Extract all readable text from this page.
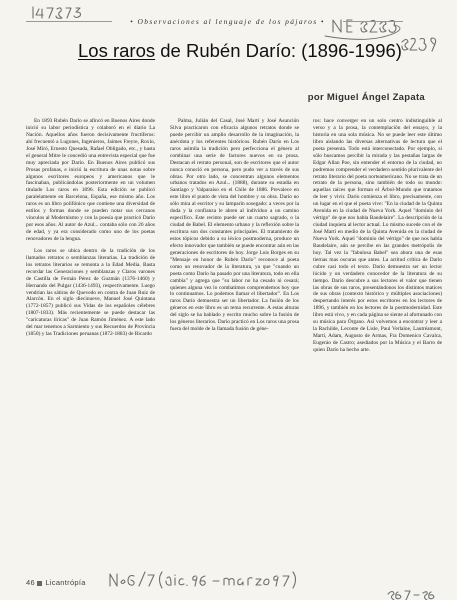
• Observaciones al lenguaje de los pájaros •
Los raros de Rubén Darío: (1896-1996)
por Miguel Ángel Zapata

En 1893 Rubén Darío se afincó en Buenos Aires donde inició su labor periodística y colaboró en el diario La Nación. Aquellos años fueron decisivamente fructíferos: ahí frecuentó a Lugones, Ingenieros, Jaimes Freyre, Roxlo, José Miró, Ernesto Quesada, Rafael Obligado, etc., y hasta el general Mitre le concedió una entrevista especial que fue muy apreciada por Darío. En Buenos Aires publicó sus Prosas profanas, e inició la escritura de unas notas sobre algunos escritores europeos y americanos que le fascinaban, publicándolas posteriormente en un volumen titulado Los raros en 1896. Esta edición se publicó paralelamente en Barcelona, España, ese mismo año. Los raros es un libro polifónico que contiene una diversidad de estilos y formas donde se pueden notar sus cercanos vínculos al Modernismo y con la poesía que practicó Darío por esos años. Al autor de Azul... contaba sólo con 26 años de edad, y ya era considerado como uno de los poetas renovadores de la lengua.

Los raros se ubica dentro de la tradición de los llamados retratos o semblanzas literarias. La tradición de los retratos literarios se remonta a la Edad Media. Basta recordar las Generaciones y semblanzas y Claros varones de Castilla de Fernán Pérez de Guzmán (1376-1460) y Hernando del Pulgar (1436-1493), respectivamente. Luego vendrían las sátiras de Quevedo en contra de Juan Ruiz de Alarcón. En el siglo diecinueve, Manuel José Quintana (1772-1857) publicó sus Vidas de los españoles célebres (1807-1833). Más recientemente se puede destacar las "caricaturas líricas" de Juan Ramón Jiménez. A este lado del mar tenemos a Sarmiento y sus Recuerdos de Provincia (1850) y las Tradiciones peruanas (1872-1883) de Ricardo

Palma, Julián del Casal, José Martí y José Asunción Silva practicaron con eficacia algunos retratos donde se puede percibir un amplio desarrollo de la imaginación, la anécdota y los referentes históricos. Rubén Darío en Los raros asimila la tradición pero perfecciona el género al combinar una serie de factores nuevos en su prosa. Destacan el retrato personal, son de escritores que el autor nunca conoció en persona, pero pudo ver a través de sus obras. Por otro lado, se concentran algunos elementos urbanos tratados en Azul... (1888), durante su estadía en Santiago y Valparaíso en el Chile de 1886. Prevalece en este libro el punto de vista del hombre y su obra. Darío no sólo mira al escritor y su lamparín sosegado: a veces por la duda y la confianza le abren al individuo a un camino específico. Este recinto puede ser un cuarto sagrado, o la ciudad de Babel. El elemento urbano y la reflexión sobre la escritura son dos constantes principales. El tratamiento de estos tópicos debido a su léxico postmoderna, produce un efecto innovador que también se puede encontrar aún en las generaciones de escritores de hoy. Jorge Luis Borges en su "Mensaje en honor de Rubén Darío" reconoce al poeta como un renovador de la literatura, ya que "cuando un poeta como Darío ha pasado por una literatura, todo en ella cambia" y agrega que "su labor no ha cesado ni cesará; quienes alguna vez lo combatimos comprendemos hoy que lo continuamos. Lo podemos llamar el libertador". En Los raros Darío demuestra ser un libertador. La fusión de los géneros en este libro es un tema recurrente. A estas alturas del siglo se ha hablado y escrito mucho sobre la fusión de los géneros literarios. Darío practicó en Los raros una prosa fuera del molde de la llamada fusión de géne-

ros: hace converger en un solo centro indistinguible al verso y a la prosa, la contemplación del ensayo, y la historia en una sola música. No se puede leer este último libro aislando las diversas alternativas de lectura que el poeta presenta. Todo está interconectado. Por ejemplo, si sólo buscamos percibir la mirada y las pestañas largas de Edgar Allan Poe, sin entender el entorno de la ciudad, no podremos comprender el verdadero sentido plurivalente del retrato literario del poeta norteamericano. No se trata de un retrato de la persona, sino también de todo su mundo: aquellas raíces que forman el Árbol-Mundo que tratamos de leer y vivir. Darío comienza el libro, precisamente, con un lugar en el que el poeta vive: "En la ciudad de la Quinta Avenida en la ciudad de Nueva York. Aquel "dominio del vértigo" de que nos habla Baudelaire". La descripción de la ciudad inquieta al lector actual. Lo mismo sucede con el de José Martí en medio de la Quinta Avenida en la ciudad de Nueva York. Aquel "dominio del vértigo" de que nos habla Baudelaire, aún se percibe en las grandes metrópolis de hoy. Tal vez la "fabulosa Babel" sea ahora una de esas tiernas mas oscuras que antes. La actitud crítica de Darío cubre casi todo el texto. Darío demuestra ser un lector lúcido y un verdadero conocedor de la literatura de su tiempo. Darío descubre a sus lectores el valor que tienen las obras de sus raros, presentándonos los distintos matices de sus obras (contexto histórico y múltiples asociaciones) despertando interés por estos escritores en los lectores de 1896, y también en los lectores de la postmodernidad. Este libro está vivo, y en cada página se siente al afortunado con su música para Órgano. Así volvemos a encontrar y leer a la Rachilde, Leconte de Lisle, Paul Verlaine, Lautréamont, Martí, Adam, Augusto de Armas, Fra Domenico Cavalca, Eugenio de Castro; asediados por la Música y el Barro de quien Darío ha hecho arte.

46 Licantrópía
